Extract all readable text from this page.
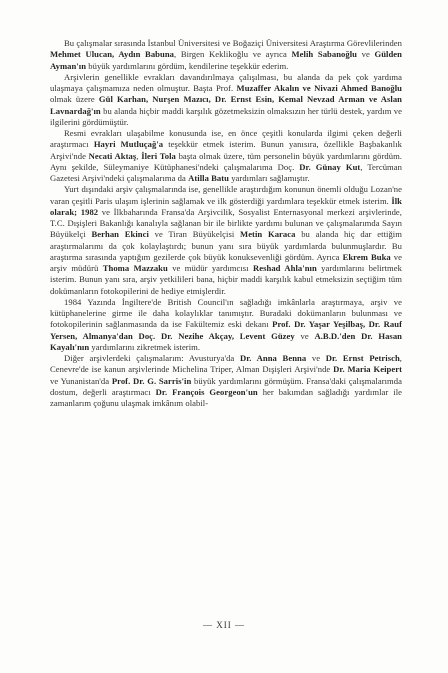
Bu çalışmalar sırasında İstanbul Üniversitesi ve Boğaziçi Üniversitesi Araştırma Görevlilerinden Mehmet Ulucan, Aydın Babuna, Birgen Keklikoğlu ve ayrıca Melih Sabanoğlu ve Gülden Ayman'ın büyük yardımlarını gördüm, kendilerine teşekkür ederim.

Arşivlerin genellikle evrakları davandırılmaya çalışılması, bu alanda da pek çok yardıma ulaşmaya çalışmamıza neden olmuştur. Başta Prof. Muzaffer Akalın ve Nivazi Ahmed Banoğlu olmak üzere Gül Karhan, Nurşen Mazıcı, Dr. Ernst Esin, Kemal Nevzad Arman ve Aslan Lavnardağ'ın bu alanda hiçbir maddi karşılık gözetmeksizin olmaksızın her türlü destek, yardım ve ilgilerini gördümüştür.

Resmi evrakları ulaşabilme konusunda ise, en önce çeşitli konularda ilgimi çeken değerli araştırmacı Hayri Mutluçağ'a teşekkür etmek isterim. Bunun yanısıra, özellikle Başbakanlık Arşivi'nde Necati Aktaş, İleri Tola başta olmak üzere, tüm personelin büyük yardımlarını gördüm. Aynı şekilde, Süleymaniye Kütüphanesi'ndeki çalışmalarıma Doç. Dr. Günay Kut, Tercüman Gazetesi Arşivi'ndeki çalışmalarıma da Atilla Batu yardımları sağlamıştır.

Yurt dışındaki arşiv çalışmalarında ise, genellikle araştırdığım konunun önemli olduğu Lozan'ne varan çeşitli Paris ulaşım işlerinin sağlamak ve ilk gösterdiği yardımlara teşekkür etmek isterim. İlk olarak; 1982 ve İlkbaharında Fransa'da Arşivcilik, Sosyalist Enternasyonal merkezi arşivlerinde, T.C. Dışişleri Bakanlığı kanalıyla sağlanan bir ile birlikte yardımı bulunan ve çalışmalarımda Sayın Büyükelçi Berhan Ekinci ve Tiran Büyükelçisi Metin Karaca bu alanda hiç dar ettiğim araştırmalarımı da çok kolaylaştırdı; bunun yanı sıra büyük yardımlarda bulunmuşlardır. Bu araştırma sırasında yaptığım gezilerde çok büyük konuksevenliği gördüm. Ayrıca Ekrem Buka ve arşiv müdürü Thoma Mazzaku ve müdür yardımcısı Reshad Ahla'nın yardımlarını belirtmek isterim. Bunun yanı sıra, arşiv yetkilileri bana, hiçbir maddi karşılık kabul etmeksizin seçtiğim tüm dokümanların fotokopilerini de hediye etmişlerdir.

1984 Yazında İngiltere'de British Council'ın sağladığı imkânlarla araştırmaya, arşiv ve kütüphanelerine girme ile daha kolaylıklar tanımıştır. Buradaki dokümanların bulunması ve fotokopilerinin sağlanmasında da ise Fakültemiz eski dekanı Prof. Dr. Yaşar Yeşilbaş, Dr. Rauf Yersen, Almanya'dan Doç. Dr. Nezihe Akçay, Levent Güzey ve A.B.D.'den Dr. Hasan Kayalı'nın yardımlarını zikretmek isterim.

Diğer arşivlerdeki çalışmalarım: Avusturya'da Dr. Anna Benna ve Dr. Ernst Petrisch, Cenevre'de ise kanun arşivlerinde Michelina Triper, Alman Dışişleri Arşivi'nde Dr. Maria Keipert ve Yunanistan'da Prof. Dr. G. Sarris'in büyük yardımlarını görmüşüm. Fransa'daki çalışmalarımda dostum, değerli araştırmacı Dr. François Georgeon'un her bakımdan sağladığı yardımlar ile zamanlarım çoğunu ulaşmak imkânım olabil-

— XII —
